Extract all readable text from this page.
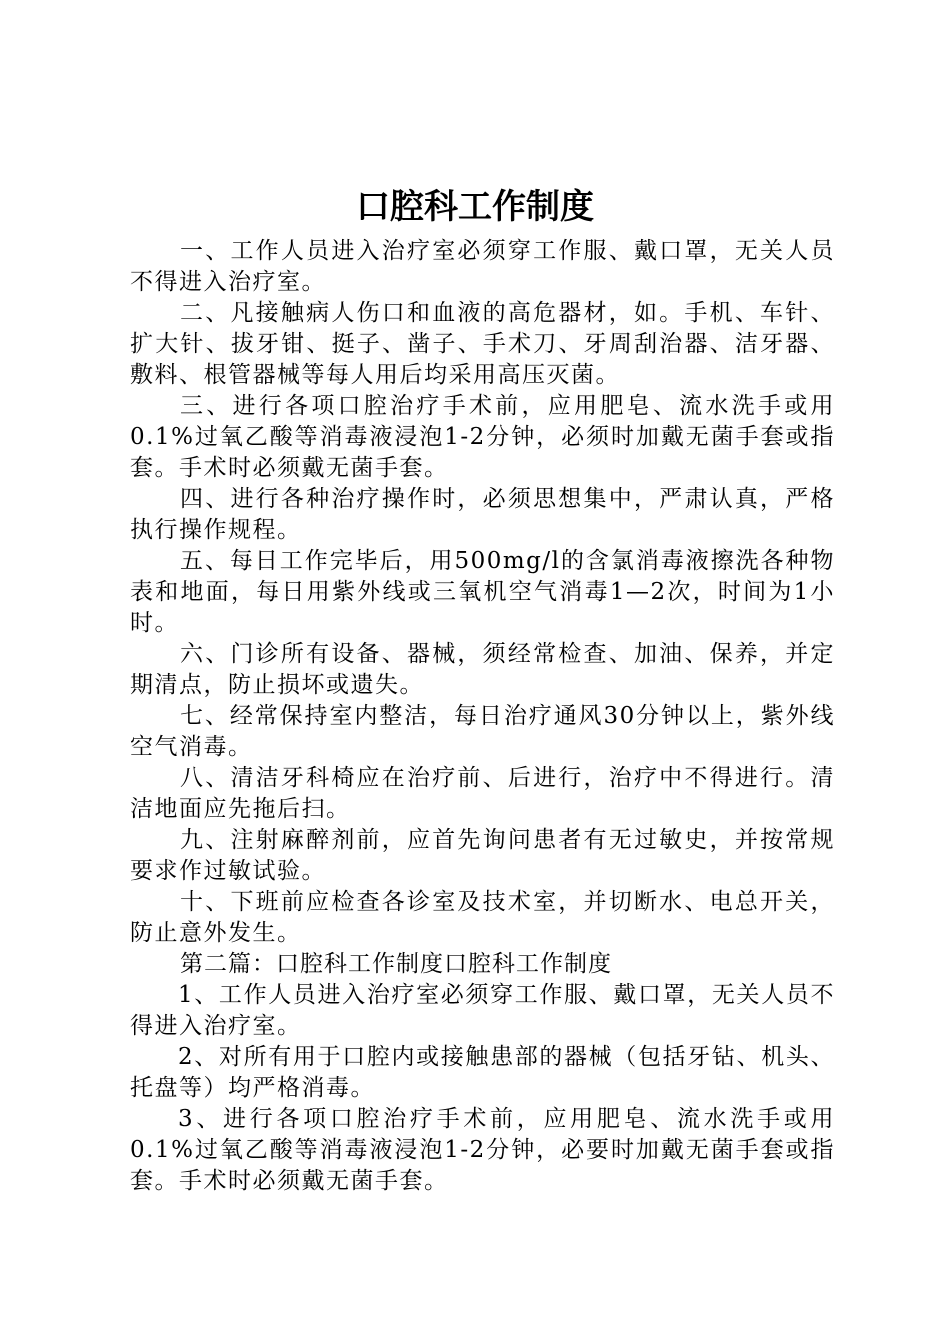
口腔科工作制度

一、工作人员进入治疗室必须穿工作服、戴口罩，无关人员不得进入治疗室。

二、凡接触病人伤口和血液的高危器材，如。手机、车针、扩大针、拔牙钳、挺子、凿子、手术刀、牙周刮治器、洁牙器、敷料、根管器械等每人用后均采用高压灭菌。

三、进行各项口腔治疗手术前，应用肥皂、流水洗手或用0.1%过氧乙酸等消毒液浸泡1-2分钟，必须时加戴无菌手套或指套。手术时必须戴无菌手套。

四、进行各种治疗操作时，必须思想集中，严肃认真，严格执行操作规程。

五、每日工作完毕后，用500mg/l的含氯消毒液擦洗各种物表和地面，每日用紫外线或三氧机空气消毒1—2次，时间为1小时。

六、门诊所有设备、器械，须经常检查、加油、保养，并定期清点，防止损坏或遗失。

七、经常保持室内整洁，每日治疗通风30分钟以上，紫外线空气消毒。

八、清洁牙科椅应在治疗前、后进行，治疗中不得进行。清洁地面应先拖后扫。

九、注射麻醉剂前，应首先询问患者有无过敏史，并按常规要求作过敏试验。

十、下班前应检查各诊室及技术室，并切断水、电总开关，防止意外发生。

第二篇：口腔科工作制度口腔科工作制度

1、工作人员进入治疗室必须穿工作服、戴口罩，无关人员不得进入治疗室。

2、对所有用于口腔内或接触患部的器械（包括牙钻、机头、托盘等）均严格消毒。

3、进行各项口腔治疗手术前，应用肥皂、流水洗手或用0.1%过氧乙酸等消毒液浸泡1-2分钟，必要时加戴无菌手套或指套。手术时必须戴无菌手套。
